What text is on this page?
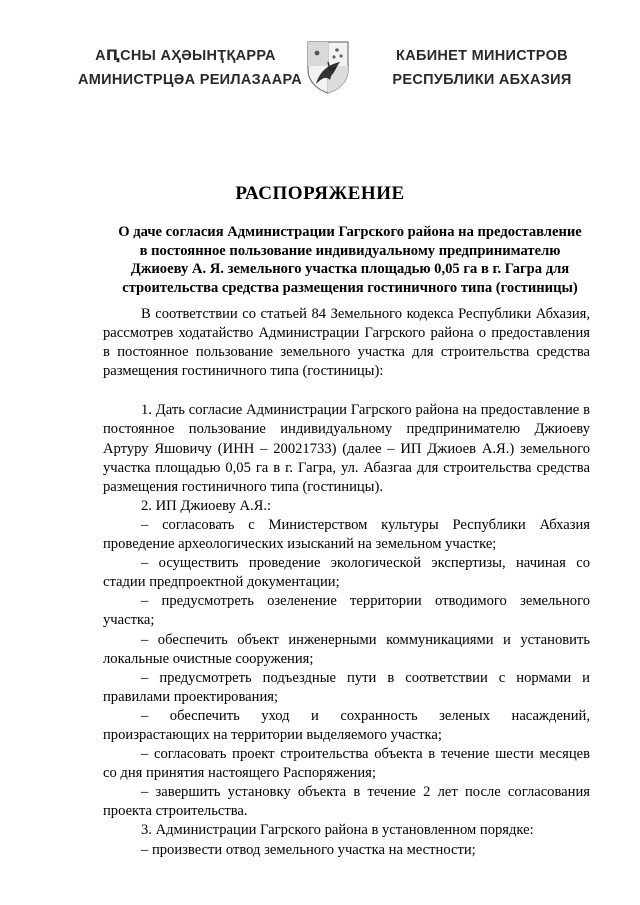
АԤСНЫ АҲӘЫНҬҚАРРА
АМИНИСТРЦӘА РЕИЛАЗААРА
КАБИНЕТ МИНИСТРОВ
РЕСПУБЛИКИ АБХАЗИЯ
РАСПОРЯЖЕНИЕ
О даче согласия Администрации Гагрского района на предоставление
в постоянное пользование индивидуальному предпринимателю
Джиоеву А. Я. земельного участка площадью 0,05 га в г. Гагра для
строительства средства размещения гостиничного типа (гостиницы)

В соответствии со статьей 84 Земельного кодекса Республики Абхазия, рассмотрев ходатайство Администрации Гагрского района о предоставления в постоянное пользование земельного участка для строительства средства размещения гостиничного типа (гостиницы):

1. Дать согласие Администрации Гагрского района на предоставление в постоянное пользование индивидуальному предпринимателю Джиоеву Артуру Яшовичу (ИНН – 20021733) (далее – ИП Джиоев А.Я.) земельного участка площадью 0,05 га в г. Гагра, ул. Абазгаа для строительства средства размещения гостиничного типа (гостиницы).

2. ИП Джиоеву А.Я.:

– согласовать с Министерством культуры Республики Абхазия проведение археологических изысканий на земельном участке;

– осуществить проведение экологической экспертизы, начиная со стадии предпроектной документации;

– предусмотреть озеленение территории отводимого земельного участка;

– обеспечить объект инженерными коммуникациями и установить локальные очистные сооружения;

– предусмотреть подъездные пути в соответствии с нормами и правилами проектирования;

– обеспечить уход и сохранность зеленых насаждений, произрастающих на территории выделяемого участка;

– согласовать проект строительства объекта в течение шести месяцев со дня принятия настоящего Распоряжения;

– завершить установку объекта в течение 2 лет после согласования проекта строительства.

3. Администрации Гагрского района в установленном порядке:

– произвести отвод земельного участка на местности;
